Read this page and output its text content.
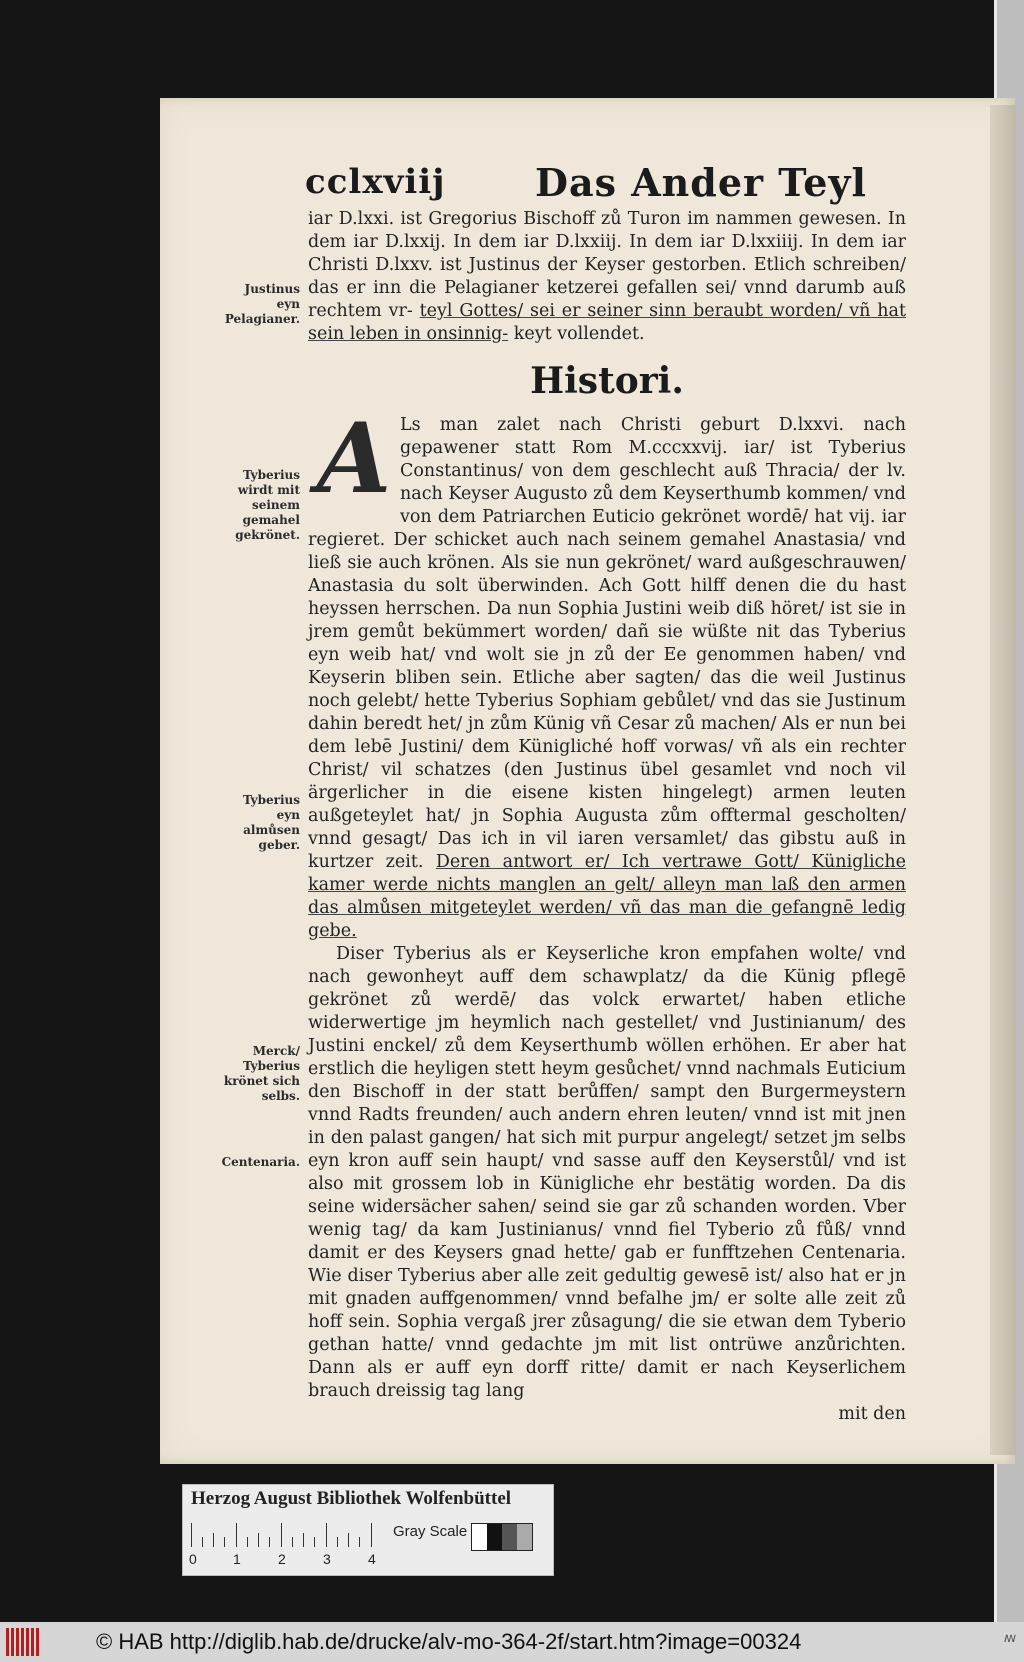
cclxviij Das Ander Teyl

iar D.lxxi. ist Gregorius Bischoff zů Turon im nammen gewesen. In dem iar D.lxxij. In dem iar D.lxxiij. In dem iar D.lxxiiij. In dem iar Christi D.lxxv. ist Justinus der Keyser gestorben. Etlich schreiben/ das er inn die Pelagianer ketzerei gefallen sei/ vnnd darumb auß rechtem vr- teyl Gottes/ sei er seiner sinn beraubt worden/ vñ hat sein leben in onsinnig- keyt vollendet.

Histori.

A Ls man zalet nach Christi geburt D.lxxvi. nach gepawener statt Rom M.cccxxvij. iar/ ist Tyberius Constantinus/ von dem geschlecht auß Thracia/ der lv. nach Keyser Augusto zů dem Keyserthumb kommen/ vnd von dem Patriarchen Euticio gekrönet wordē/ hat vij. iar regieret. Der schicket auch nach seinem gemahel Anastasia/ vnd ließ sie auch krönen. Als sie nun gekrönet/ ward außgeschrauwen/ Anastasia du solt überwinden. Ach Gott hilff denen die du hast heyssen herrschen. Da nun Sophia Justini weib diß höret/ ist sie in jrem gemůt bekümmert worden/ dañ sie wüßte nit das Tyberius eyn weib hat/ vnd wolt sie jn zů der Ee genommen haben/ vnd Keyserin bliben sein. Etliche aber sagten/ das die weil Justinus noch gelebt/ hette Tyberius Sophiam gebůlet/ vnd das sie Justinum dahin beredt het/ jn zům Künig vñ Cesar zů machen/ Als er nun bei dem lebē Justini/ dem Künigliché hoff vorwas/ vñ als ein rechter Christ/ vil schatzes (den Justinus übel gesamlet vnd noch vil ärgerlicher in die eisene kisten hingelegt) armen leuten außgeteylet hat/ jn Sophia Augusta zům offtermal gescholten/ vnnd gesagt/ Das ich in vil iaren versamlet/ das gibstu auß in kurtzer zeit. Deren antwort er/ Ich vertrawe Gott/ Künigliche kamer werde nichts manglen an gelt/ alleyn man laß den armen das almůsen mitgeteylet werden/ vñ das man die gefangnē ledig gebe.

Diser Tyberius als er Keyserliche kron empfahen wolte/ vnd nach gewonheyt auff dem schawplatz/ da die Künig pflegē gekrönet zů werdē/ das volck erwartet/ haben etliche widerwertige jm heymlich nach gestellet/ vnd Justinianum/ des Justini enckel/ zů dem Keyserthumb wöllen erhöhen. Er aber hat erstlich die heyligen stett heym gesůchet/ vnnd nachmals Euticium den Bischoff in der statt berůffen/ sampt den Burgermeystern vnnd Radts freunden/ auch andern ehren leuten/ vnnd ist mit jnen in den palast gangen/ hat sich mit purpur angelegt/ setzet jm selbs eyn kron auff sein haupt/ vnd sasse auff den Keyserstůl/ vnd ist also mit grossem lob in Künigliche ehr bestätig worden. Da dis seine widersächer sahen/ seind sie gar zů schanden worden. Vber wenig tag/ da kam Justinianus/ vnnd fiel Tyberio zů fůß/ vnnd damit er des Keysers gnad hette/ gab er funfftzehen Centenaria. Wie diser Tyberius aber alle zeit gedultig gewesē ist/ also hat er jn mit gnaden auffgenommen/ vnnd befalhe jm/ er solte alle zeit zů hoff sein. Sophia vergaß jrer zůsagung/ die sie etwan dem Tyberio gethan hatte/ vnnd gedachte jm mit list ontrüwe anzůrichten. Dann als er auff eyn dorff ritte/ damit er nach Keyserlichem brauch dreissig tag lang

mit den
Justinus eyn Pelagianer.
Tyberius wirdt mit seinem gemahel gekrönet.
Tyberius eyn almůsen geber.
Merck/ Tyberius krönet sich selbs.
Centenaria.
Herzog August Bibliothek Wolfenbüttel
0	1	2	3	4
Gray Scale
© HAB http://diglib.hab.de/drucke/alv-mo-364-2f/start.htm?image=00324	ꟿ
